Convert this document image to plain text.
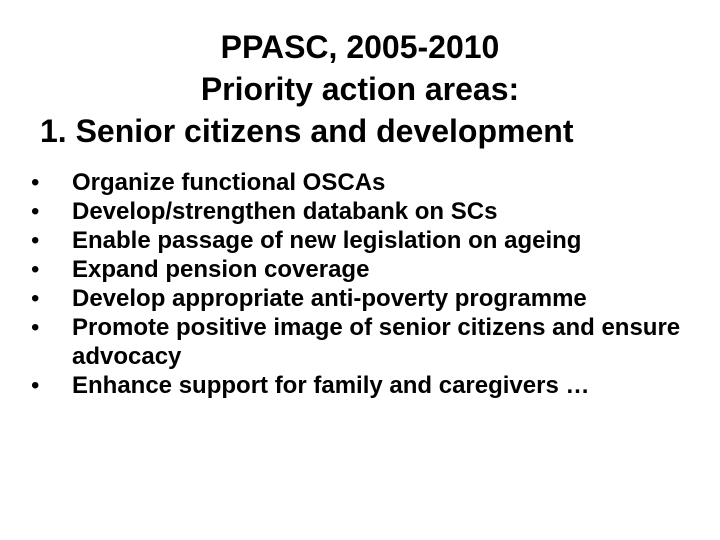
PPASC, 2005-2010
Priority action areas:
1. Senior citizens and development
• Organize functional OSCAs
• Develop/strengthen databank on SCs
• Enable passage of new legislation on ageing
• Expand pension coverage
• Develop appropriate anti-poverty programme
• Promote positive image of senior citizens and ensure advocacy
• Enhance support for family and caregivers …
